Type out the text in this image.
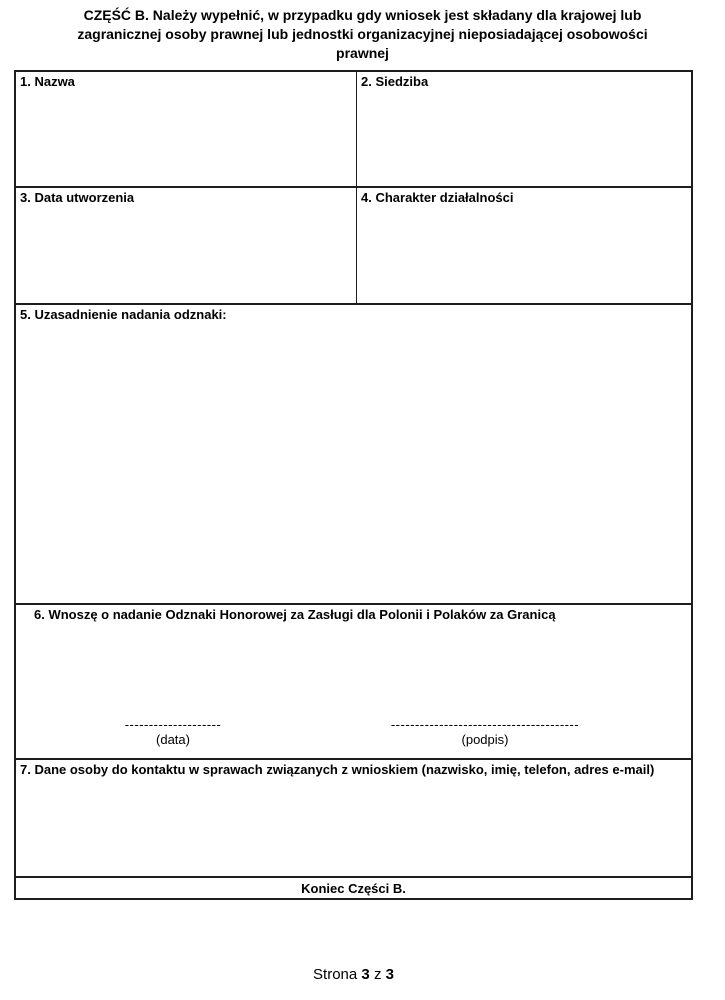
CZĘŚĆ B. Należy wypełnić, w przypadku gdy wniosek jest składany dla krajowej lub
zagranicznej osoby prawnej lub jednostki organizacyjnej nieposiadającej osobowości
prawnej
1. Nazwa	2. Siedziba
3. Data utworzenia	4. Charakter działalności
5. Uzasadnienie nadania odznaki:
6. Wnoszę o nadanie Odznaki Honorowej za Zasługi dla Polonii i Polaków za Granicą
--------------------
(data)
---------------------------------------
(podpis)
7. Dane osoby do kontaktu w sprawach związanych z wnioskiem (nazwisko, imię, telefon, adres e-mail)
Koniec Części B.
Strona 3 z 3
